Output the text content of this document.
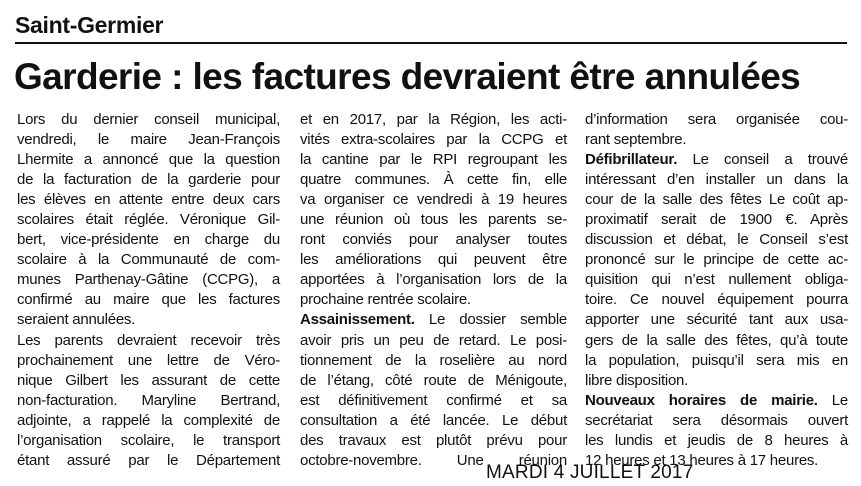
Saint-Germier
Garderie : les factures devraient être annulées
Lors du dernier conseil municipal,
vendredi, le maire Jean-François
Lhermite a annoncé que la question
de la facturation de la garderie pour
les élèves en attente entre deux cars
scolaires était réglée. Véronique Gil-
bert, vice-présidente en charge du
scolaire à la Communauté de com-
munes Parthenay-Gâtine (CCPG), a
confirmé au maire que les factures
seraient annulées.
Les parents devraient recevoir très
prochainement une lettre de Véro-
nique Gilbert les assurant de cette
non-facturation. Maryline Bertrand,
adjointe, a rappelé la complexité de
l’organisation scolaire, le transport
étant assuré par le Département
et en 2017, par la Région, les acti-
vités extra-scolaires par la CCPG et
la cantine par le RPI regroupant les
quatre communes. À cette fin, elle
va organiser ce vendredi à 19 heures
une réunion où tous les parents se-
ront conviés pour analyser toutes
les améliorations qui peuvent être
apportées à l’organisation lors de la
prochaine rentrée scolaire.
Assainissement. Le dossier semble
avoir pris un peu de retard. Le posi-
tionnement de la roselière au nord
de l’étang, côté route de Ménigoute,
est définitivement confirmé et sa
consultation a été lancée. Le début
des travaux est plutôt prévu pour
octobre-novembre. Une réunion
d’information sera organisée cou-
rant septembre.
Défibrillateur. Le conseil a trouvé
intéressant d’en installer un dans la
cour de la salle des fêtes Le coût ap-
proximatif serait de 1900 €. Après
discussion et débat, le Conseil s’est
prononcé sur le principe de cette ac-
quisition qui n’est nullement obliga-
toire. Ce nouvel équipement pourra
apporter une sécurité tant aux usa-
gers de la salle des fêtes, qu’à toute
la population, puisqu’il sera mis en
libre disposition.
Nouveaux horaires de mairie. Le
secrétariat sera désormais ouvert
les lundis et jeudis de 8 heures à
12 heures et 13 heures à 17 heures.
MARDI 4 JUILLET 2017
